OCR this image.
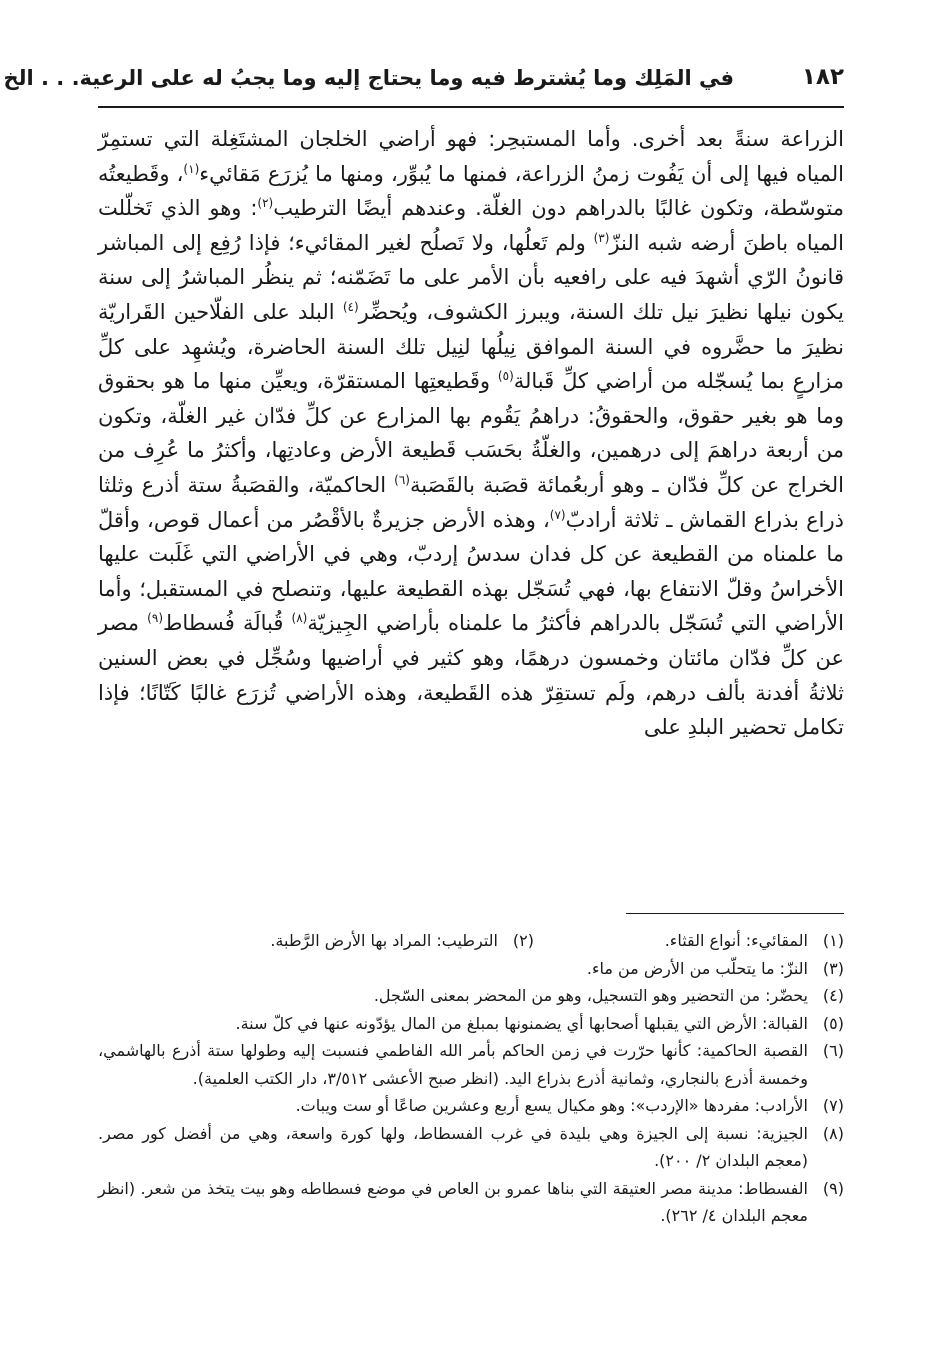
١٨٢
في المَلِك وما يُشترط فيه وما يحتاج إليه وما يجبُ له على الرعية. . . الخ

الزراعة سنةً بعد أخرى. وأما المستبحِر: فهو أراضي الخلجان المشتَغِلة التي تستمِرّ المياه فيها إلى أن يَفُوت زمنُ الزراعة، فمنها ما يُبوِّر، ومنها ما يُزرَع مَقائيء$^{(١)}$، وقَطيعتُه متوسّطة، وتكون غالبًا بالدراهم دون الغلّة. وعندهم أيضًا الترطيب$^{(٢)}$: وهو الذي تَخلّلت المياه باطنَ أرضه شبه النزّ$^{(٣)}$ ولم تَعلُها، ولا تَصلُح لغير المقائيء؛ فإذا رُفِع إلى المباشر قانونُ الرّي أشهدَ فيه على رافعيه بأن الأمر على ما تَضَمّنه؛ ثم ينظُر المباشرُ إلى سنة يكون نيلها نظيرَ نيل تلك السنة، ويبرز الكشوف، ويُحضِّر$^{(٤)}$ البلد على الفلّاحين القَراريّة نظيرَ ما حضَّروه في السنة الموافق نِيلُها لنِيل تلك السنة الحاضرة، ويُشهِد على كلِّ مزارعٍ بما يُسجّله من أراضي كلِّ قَبالة$^{(٥)}$ وقَطيعتِها المستقرّة، ويعيِّن منها ما هو بحقوق وما هو بغير حقوق، والحقوقُ: دراهمُ يَقُوم بها المزارع عن كلِّ فدّان غير الغلّة، وتكون من أربعة دراهمَ إلى درهمين، والغلّةُ بحَسَب قَطيعة الأرض وعادتِها، وأكثرُ ما عُرِف من الخراج عن كلِّ فدّان ـ وهو أربعُمائة قصَبة بالقَصَبة$^{(٦)}$ الحاكميّة، والقصَبةُ ستة أذرع وثلثا ذراع بذراع القماش ـ ثلاثة أرادبّ$^{(٧)}$، وهذه الأرض جزيرةٌ بالأقْصُر من أعمال قوص، وأقلّ ما علمناه من القطيعة عن كل فدان سدسُ إردبّ، وهي في الأراضي التي غَلَبت عليها الأخراسُ وقلّ الانتفاع بها، فهي تُسَجّل بهذه القطيعة عليها، وتنصلح في المستقبل؛ وأما الأراضي التي تُسَجّل بالدراهم فأكثرُ ما علمناه بأراضي الجِيزيّة$^{(٨)}$ قُبالَة فُسطاط$^{(٩)}$ مصر عن كلِّ فدّان مائتان وخمسون درهمًا، وهو كثير في أراضيها وسُجِّل في بعض السنين ثلاثةُ أفدنة بألف درهم، ولَم تستقِرّ هذه القَطيعة، وهذه الأراضي تُزرَع غالبًا كَتّانًا؛ فإذا تكامل تحضير البلدِ على

(١)
المقائيء: أنواع القثاء.
(٢)
الترطيب: المراد بها الأرض الرَّطبة.
(٣)
النزّ: ما يتحلّب من الأرض من ماء.
(٤)
يحضّر: من التحضير وهو التسجيل، وهو من المحضر بمعنى السّجل.
(٥)
القبالة: الأرض التي يقبلها أصحابها أي يضمنونها بمبلغ من المال يؤدّونه عنها في كلّ سنة.
(٦)
القصبة الحاكمية: كأنها حرّرت في زمن الحاكم بأمر الله الفاطمي فنسبت إليه وطولها ستة أذرع بالهاشمي، وخمسة أذرع بالنجاري، وثمانية أذرع بذراع اليد. (انظر صبح الأعشى ٣/٥١٢، دار الكتب العلمية).
(٧)
الأرادب: مفردها «الإردب»: وهو مكيال يسع أربع وعشرين صاعًا أو ست ويبات.
(٨)
الجيزية: نسبة إلى الجيزة وهي بليدة في غرب الفسطاط، ولها كورة واسعة، وهي من أفضل كور مصر. (معجم البلدان ٢/ ٢٠٠).
(٩)
الفسطاط: مدينة مصر العتيقة التي بناها عمرو بن العاص في موضع فسطاطه وهو بيت يتخذ من شعر. (انظر معجم البلدان ٤/ ٢٦٢).
